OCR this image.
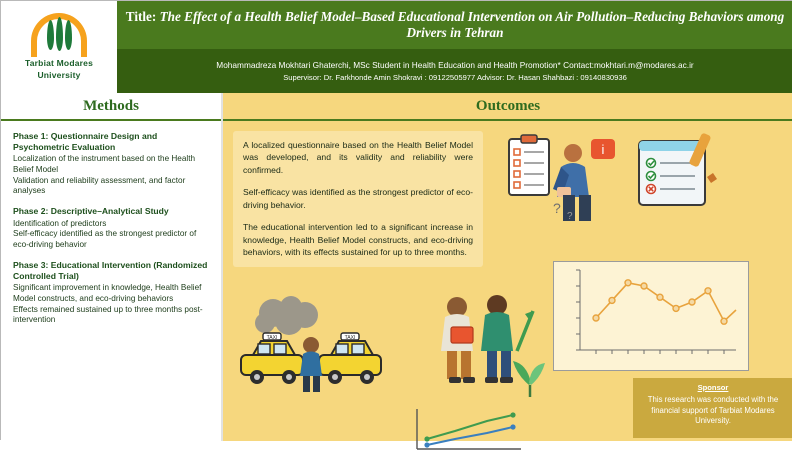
Tarbiat Modares
University
Title: The Effect of a Health Belief Model–Based Educational Intervention on Air Pollution–Reducing Behaviors among Drivers in Tehran
Mohammadreza Mokhtari Ghaterchi, MSc Student in Health Education and Health Promotion* Contact:mokhtari.m@modares.ac.ir
Supervisor: Dr. Farkhonde Amin Shokravi : 09122505977 Advisor: Dr. Hasan Shahbazi : 09140830936
Methods
Phase 1: Questionnaire Design and Psychometric Evaluation
Localization of the instrument based on the Health Belief Model
Validation and reliability assessment, and factor analyses
Phase 2: Descriptive–Analytical Study
Identification of predictors
Self-efficacy identified as the strongest predictor of eco-driving behavior
Phase 3: Educational Intervention (Randomized Controlled Trial)
Significant improvement in knowledge, Health Belief Model constructs, and eco-driving behaviors
Effects remained sustained up to three months post-intervention
Outcomes

A localized questionnaire based on the Health Belief Model was developed, and its validity and reliability were confirmed.

Self-efficacy was identified as the strongest predictor of eco-driving behavior.

The educational intervention led to a significant increase in knowledge, Health Belief Model constructs, and eco-driving behaviors, with its effects sustained for up to three months.

i
?
?
Sponsor
This research was conducted with the financial support of Tarbiat Modares University.
TAXI	TAXI
